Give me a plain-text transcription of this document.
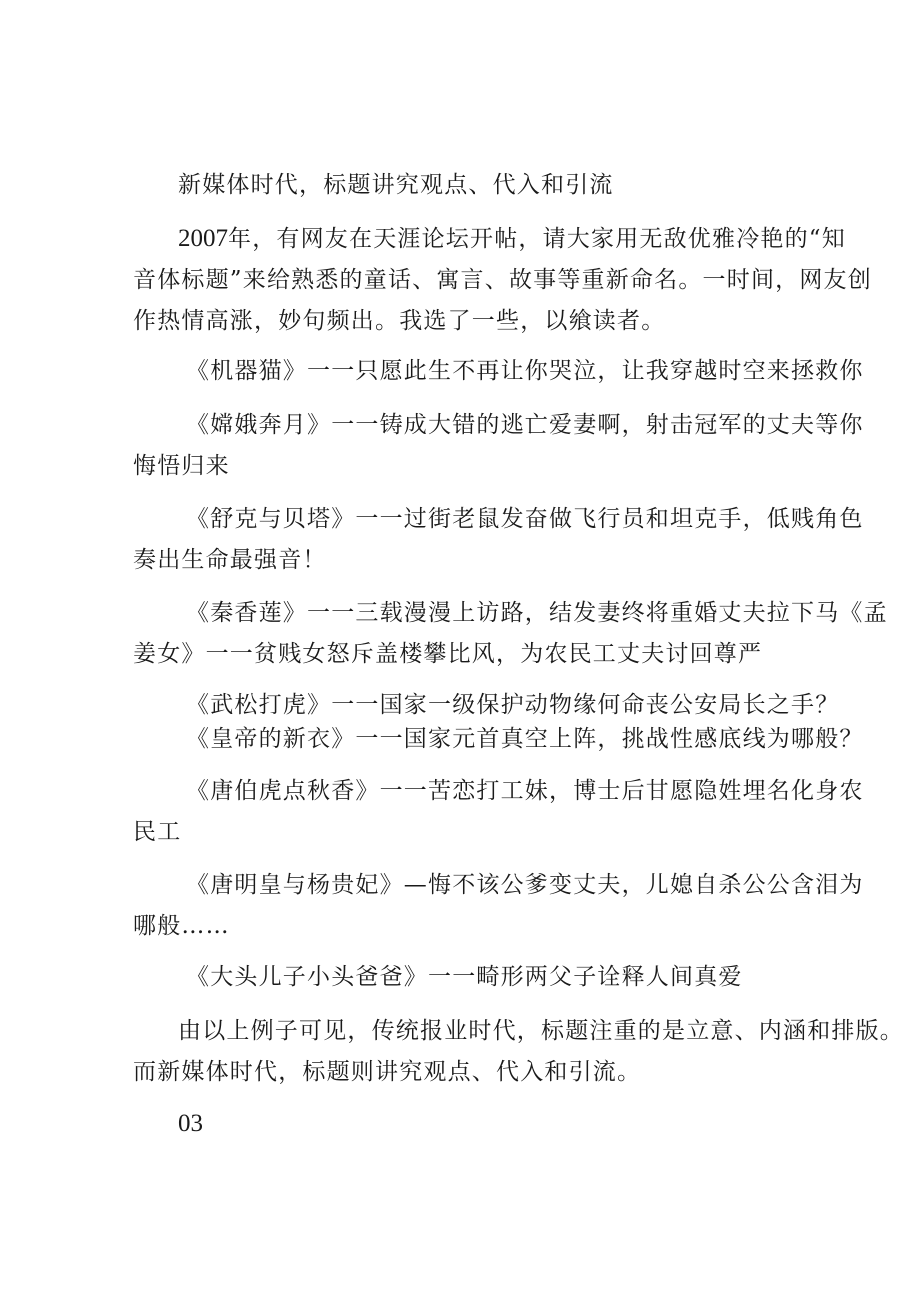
新媒体时代，标题讲究观点、代入和引流

2007年，有网友在天涯论坛开帖，请大家用无敌优雅冷艳的“知

音体标题”来给熟悉的童话、寓言、故事等重新命名。一时间，网友创

作热情高涨，妙句频出。我选了一些，以飨读者。

《机器猫》一一只愿此生不再让你哭泣，让我穿越时空来拯救你

《嫦娥奔月》一一铸成大错的逃亡爱妻啊，射击冠军的丈夫等你

悔悟归来

《舒克与贝塔》一一过街老鼠发奋做飞行员和坦克手，低贱角色

奏出生命最强音！

《秦香莲》一一三载漫漫上访路，结发妻终将重婚丈夫拉下马《孟

姜女》一一贫贱女怒斥盖楼攀比风，为农民工丈夫讨回尊严

《武松打虎》一一国家一级保护动物缘何命丧公安局长之手？

《皇帝的新衣》一一国家元首真空上阵，挑战性感底线为哪般？

《唐伯虎点秋香》一一苦恋打工妹，博士后甘愿隐姓埋名化身农

民工

《唐明皇与杨贵妃》—悔不该公爹变丈夫，儿媳自杀公公含泪为

哪般……

《大头儿子小头爸爸》一一畸形两父子诠释人间真爱

由以上例子可见，传统报业时代，标题注重的是立意、内涵和排版。

而新媒体时代，标题则讲究观点、代入和引流。

03
